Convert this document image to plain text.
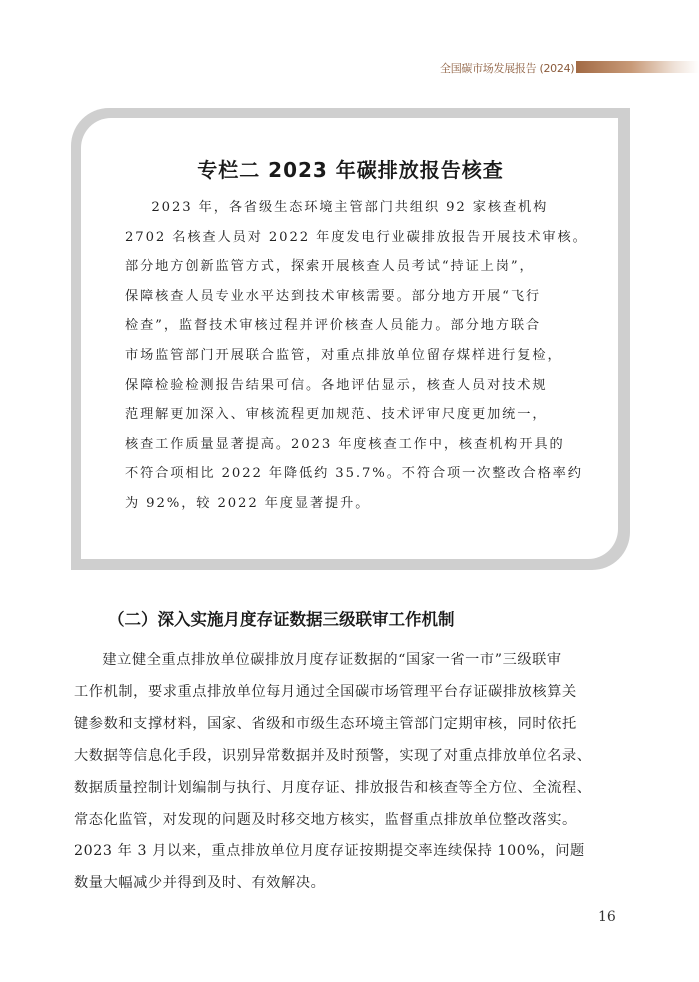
全国碳市场发展报告 (2024)
专栏二 2023 年碳排放报告核查
2023 年，各省级生态环境主管部门共组织 92 家核查机构
2702 名核查人员对 2022 年度发电行业碳排放报告开展技术审核。
部分地方创新监管方式，探索开展核查人员考试“持证上岗”，
保障核查人员专业水平达到技术审核需要。部分地方开展“飞行
检查”，监督技术审核过程并评价核查人员能力。部分地方联合
市场监管部门开展联合监管，对重点排放单位留存煤样进行复检，
保障检验检测报告结果可信。各地评估显示，核查人员对技术规
范理解更加深入、审核流程更加规范、技术评审尺度更加统一，
核查工作质量显著提高。2023 年度核查工作中，核查机构开具的
不符合项相比 2022 年降低约 35.7%。不符合项一次整改合格率约
为 92%，较 2022 年度显著提升。
（二）深入实施月度存证数据三级联审工作机制
建立健全重点排放单位碳排放月度存证数据的“国家一省一市”三级联审
工作机制，要求重点排放单位每月通过全国碳市场管理平台存证碳排放核算关
键参数和支撑材料，国家、省级和市级生态环境主管部门定期审核，同时依托
大数据等信息化手段，识别异常数据并及时预警，实现了对重点排放单位名录、
数据质量控制计划编制与执行、月度存证、排放报告和核查等全方位、全流程、
常态化监管，对发现的问题及时移交地方核实，监督重点排放单位整改落实。
2023 年 3 月以来，重点排放单位月度存证按期提交率连续保持 100%，问题
数量大幅减少并得到及时、有效解决。
16
